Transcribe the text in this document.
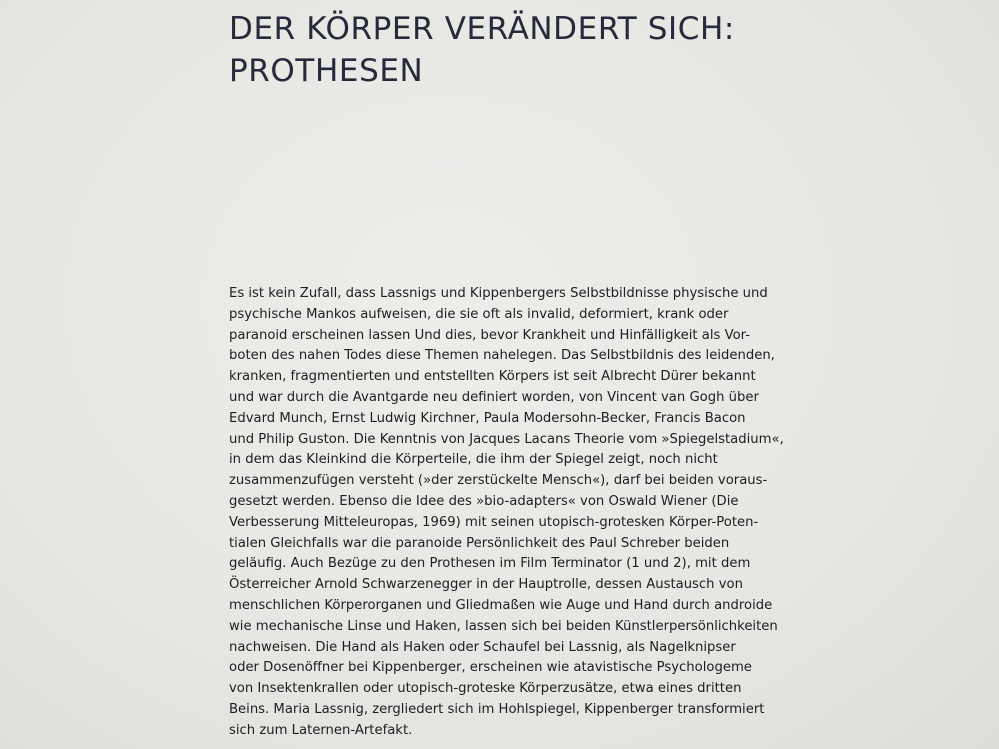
DER KÖRPER VERÄNDERT SICH:
PROTHESEN
Es ist kein Zufall, dass Lassnigs und Kippenbergers Selbstbildnisse physische und
psychische Mankos aufweisen, die sie oft als invalid, deformiert, krank oder
paranoid erscheinen lassen Und dies, bevor Krankheit und Hinfälligkeit als Vor-
boten des nahen Todes diese Themen nahelegen. Das Selbstbildnis des leidenden,
kranken, fragmentierten und entstellten Körpers ist seit Albrecht Dürer bekannt
und war durch die Avantgarde neu definiert worden, von Vincent van Gogh über
Edvard Munch, Ernst Ludwig Kirchner, Paula Modersohn-Becker, Francis Bacon
und Philip Guston. Die Kenntnis von Jacques Lacans Theorie vom »Spiegelstadium«,
in dem das Kleinkind die Körperteile, die ihm der Spiegel zeigt, noch nicht
zusammenzufügen versteht (»der zerstückelte Mensch«), darf bei beiden voraus-
gesetzt werden. Ebenso die Idee des »bio-adapters« von Oswald Wiener (Die
Verbesserung Mitteleuropas, 1969) mit seinen utopisch-grotesken Körper-Poten-
tialen Gleichfalls war die paranoide Persönlichkeit des Paul Schreber beiden
geläufig. Auch Bezüge zu den Prothesen im Film Terminator (1 und 2), mit dem
Österreicher Arnold Schwarzenegger in der Hauptrolle, dessen Austausch von
menschlichen Körperorganen und Gliedmaßen wie Auge und Hand durch androide
wie mechanische Linse und Haken, lassen sich bei beiden Künstlerpersönlichkeiten
nachweisen. Die Hand als Haken oder Schaufel bei Lassnig, als Nagelknipser
oder Dosenöffner bei Kippenberger, erscheinen wie atavistische Psychologeme
von Insektenkrallen oder utopisch-groteske Körperzusätze, etwa eines dritten
Beins. Maria Lassnig, zergliedert sich im Hohlspiegel, Kippenberger transformiert
sich zum Laternen-Artefakt.
